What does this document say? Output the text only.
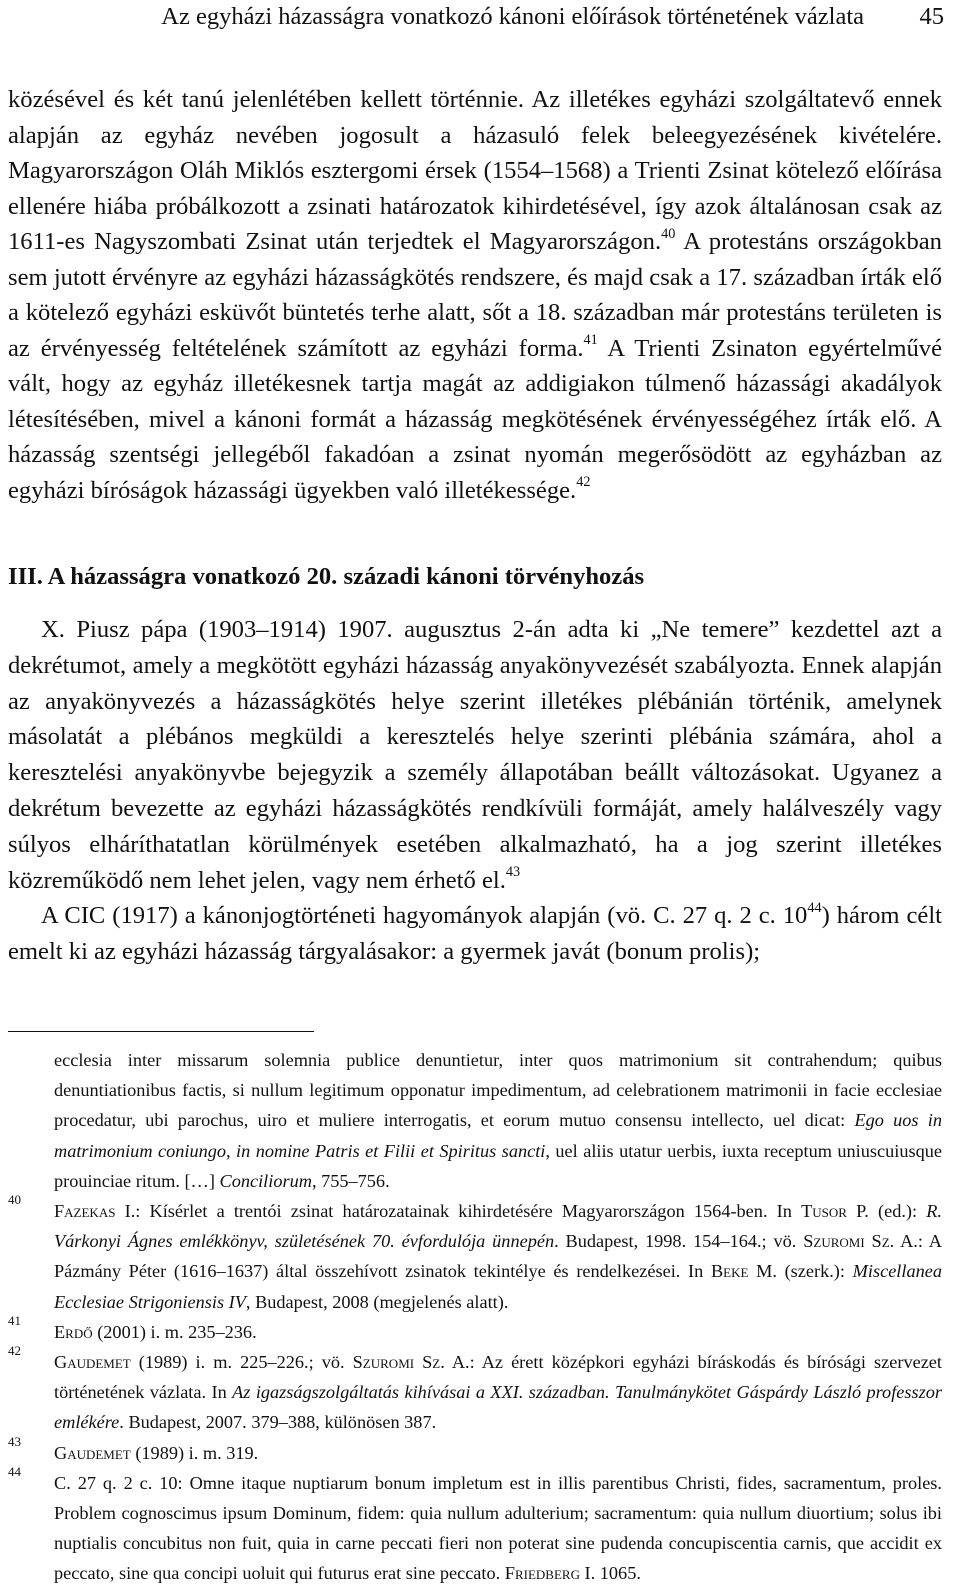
Az egyházi házasságra vonatkozó kánoni előírások történetének vázlata 45

közésével és két tanú jelenlétében kellett történnie. Az illetékes egyházi szolgáltatevő ennek alapján az egyház nevében jogosult a házasuló felek beleegyezésének kivételére. Magyarországon Oláh Miklós esztergomi érsek (1554–1568) a Trienti Zsinat kötelező előírása ellenére hiába próbálkozott a zsinati határozatok kihirdetésével, így azok általánosan csak az 1611-es Nagyszombati Zsinat után terjedtek el Magyarországon.$^{40}$ A protestáns országokban sem jutott érvényre az egyházi házasságkötés rendszere, és majd csak a 17. században írták elő a kötelező egyházi esküvőt büntetés terhe alatt, sőt a 18. században már protestáns területen is az érvényesség feltételének számított az egyházi forma.$^{41}$ A Trienti Zsinaton egyértelművé vált, hogy az egyház illetékesnek tartja magát az addigiakon túlmenő házassági akadályok létesítésében, mivel a kánoni formát a házasság megkötésének érvényességéhez írták elő. A házasság szentségi jellegéből fakadóan a zsinat nyomán megerősödött az egyházban az egyházi bíróságok házassági ügyekben való illetékessége.$^{42}$

III. A házasságra vonatkozó 20. századi kánoni törvényhozás

X. Piusz pápa (1903–1914) 1907. augusztus 2-án adta ki „Ne temere” kezdettel azt a dekrétumot, amely a megkötött egyházi házasság anyakönyvezését szabályozta. Ennek alapján az anyakönyvezés a házasságkötés helye szerint illetékes plébánián történik, amelynek másolatát a plébános megküldi a keresztelés helye szerinti plébánia számára, ahol a keresztelési anyakönyvbe bejegyzik a személy állapotában beállt változásokat. Ugyanez a dekrétum bevezette az egyházi házasságkötés rendkívüli formáját, amely halálveszély vagy súlyos elháríthatatlan körülmények esetében alkalmazható, ha a jog szerint illetékes közreműködő nem lehet jelen, vagy nem érhető el.$^{43}$

A CIC (1917) a kánonjogtörténeti hagyományok alapján (vö. C. 27 q. 2 c. $10^{44}$) három célt emelt ki az egyházi házasság tárgyalásakor: a gyermek javát (bonum prolis);

ecclesia inter missarum solemnia publice denuntietur, inter quos matrimonium sit contrahendum; quibus denuntiationibus factis, si nullum legitimum opponatur impedimentum, ad celebrationem matrimonii in facie ecclesiae procedatur, ubi parochus, uiro et muliere interrogatis, et eorum mutuo consensu intellecto, uel dicat: Ego uos in matrimonium coniungo, in nomine Patris et Filii et Spiritus sancti, uel aliis utatur uerbis, iuxta receptum uniuscuiusque prouinciae ritum. […] Conciliorum, 755–756.

40
Fazekas I.: Kísérlet a trentói zsinat határozatainak kihirdetésére Magyarországon 1564-ben. In Tusor P. (ed.): R. Várkonyi Ágnes emlékkönyv, születésének 70. évfordulója ünnepén. Budapest, 1998. 154–164.; vö. Szuromi Sz. A.: A Pázmány Péter (1616–1637) által összehívott zsinatok tekintélye és rendelkezései. In Beke M. (szerk.): Miscellanea Ecclesiae Strigoniensis IV, Budapest, 2008 (megjelenés alatt).

41
Erdő (2001) i. m. 235–236.

42
Gaudemet (1989) i. m. 225–226.; vö. Szuromi Sz. A.: Az érett középkori egyházi bíráskodás és bírósági szervezet történetének vázlata. In Az igazságszolgáltatás kihívásai a XXI. században. Tanulmánykötet Gáspárdy László professzor emlékére. Budapest, 2007. 379–388, különösen 387.

43
Gaudemet (1989) i. m. 319.

44
C. 27 q. 2 c. 10: Omne itaque nuptiarum bonum impletum est in illis parentibus Christi, fides, sacramentum, proles. Problem cognoscimus ipsum Dominum, fidem: quia nullum adulterium; sacramentum: quia nullum diuortium; solus ibi nuptialis concubitus non fuit, quia in carne peccati fieri non poterat sine pudenda concupiscentia carnis, que accidit ex peccato, sine qua concipi uoluit qui futurus erat sine peccato. Friedberg I. 1065.
